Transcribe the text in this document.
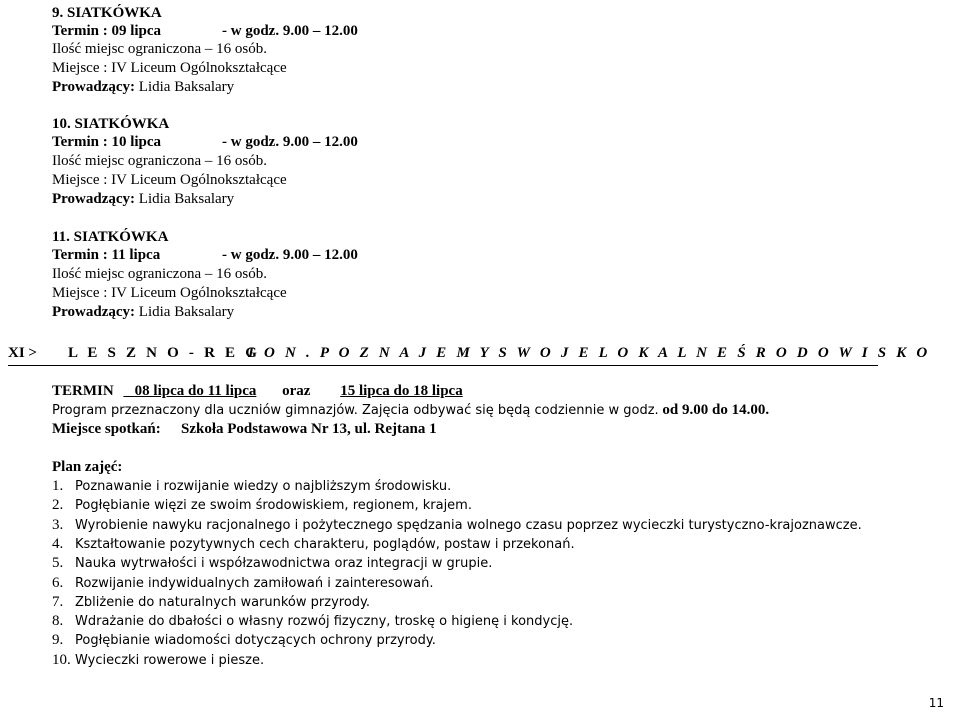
9. SIATKÓWKA
Termin : 09 lipca	- w godz. 9.00 – 12.00
Ilość miejsc ograniczona – 16 osób.
Miejsce : IV Liceum Ogólnokształcące
Prowadzący: Lidia Baksalary
10. SIATKÓWKA
Termin : 10 lipca	- w godz. 9.00 – 12.00
Ilość miejsc ograniczona – 16 osób.
Miejsce : IV Liceum Ogólnokształcące
Prowadzący: Lidia Baksalary
11. SIATKÓWKA
Termin : 11 lipca	- w godz. 9.00 – 12.00
Ilość miejsc ograniczona – 16 osób.
Miejsce : IV Liceum Ogólnokształcące
Prowadzący: Lidia Baksalary
XI > L E S Z N O - R E G
I O N . P O Z N A J E M Y S W O J E L O K A L N E Ś R O D O W I S K O
TERMIN 08 lipca do 11 lipca oraz 15 lipca do 18 lipca
Program przeznaczony dla uczniów gimnazjów. Zajęcia odbywać się będą codziennie w godz. od 9.00 do 14.00.
Miejsce spotkań: Szkoła Podstawowa Nr 13, ul. Rejtana 1
Plan zajęć:
1. Poznawanie i rozwijanie wiedzy o najbliższym środowisku.
2. Pogłębianie więzi ze swoim środowiskiem, regionem, krajem.
3. Wyrobienie nawyku racjonalnego i pożytecznego spędzania wolnego czasu poprzez wycieczki turystyczno-krajoznawcze.
4. Kształtowanie pozytywnych cech charakteru, poglądów, postaw i przekonań.
5. Nauka wytrwałości i współzawodnictwa oraz integracji w grupie.
6. Rozwijanie indywidualnych zamiłowań i zainteresowań.
7. Zbliżenie do naturalnych warunków przyrody.
8. Wdrażanie do dbałości o własny rozwój fizyczny, troskę o higienę i kondycję.
9. Pogłębianie wiadomości dotyczących ochrony przyrody.
10. Wycieczki rowerowe i piesze.
11
